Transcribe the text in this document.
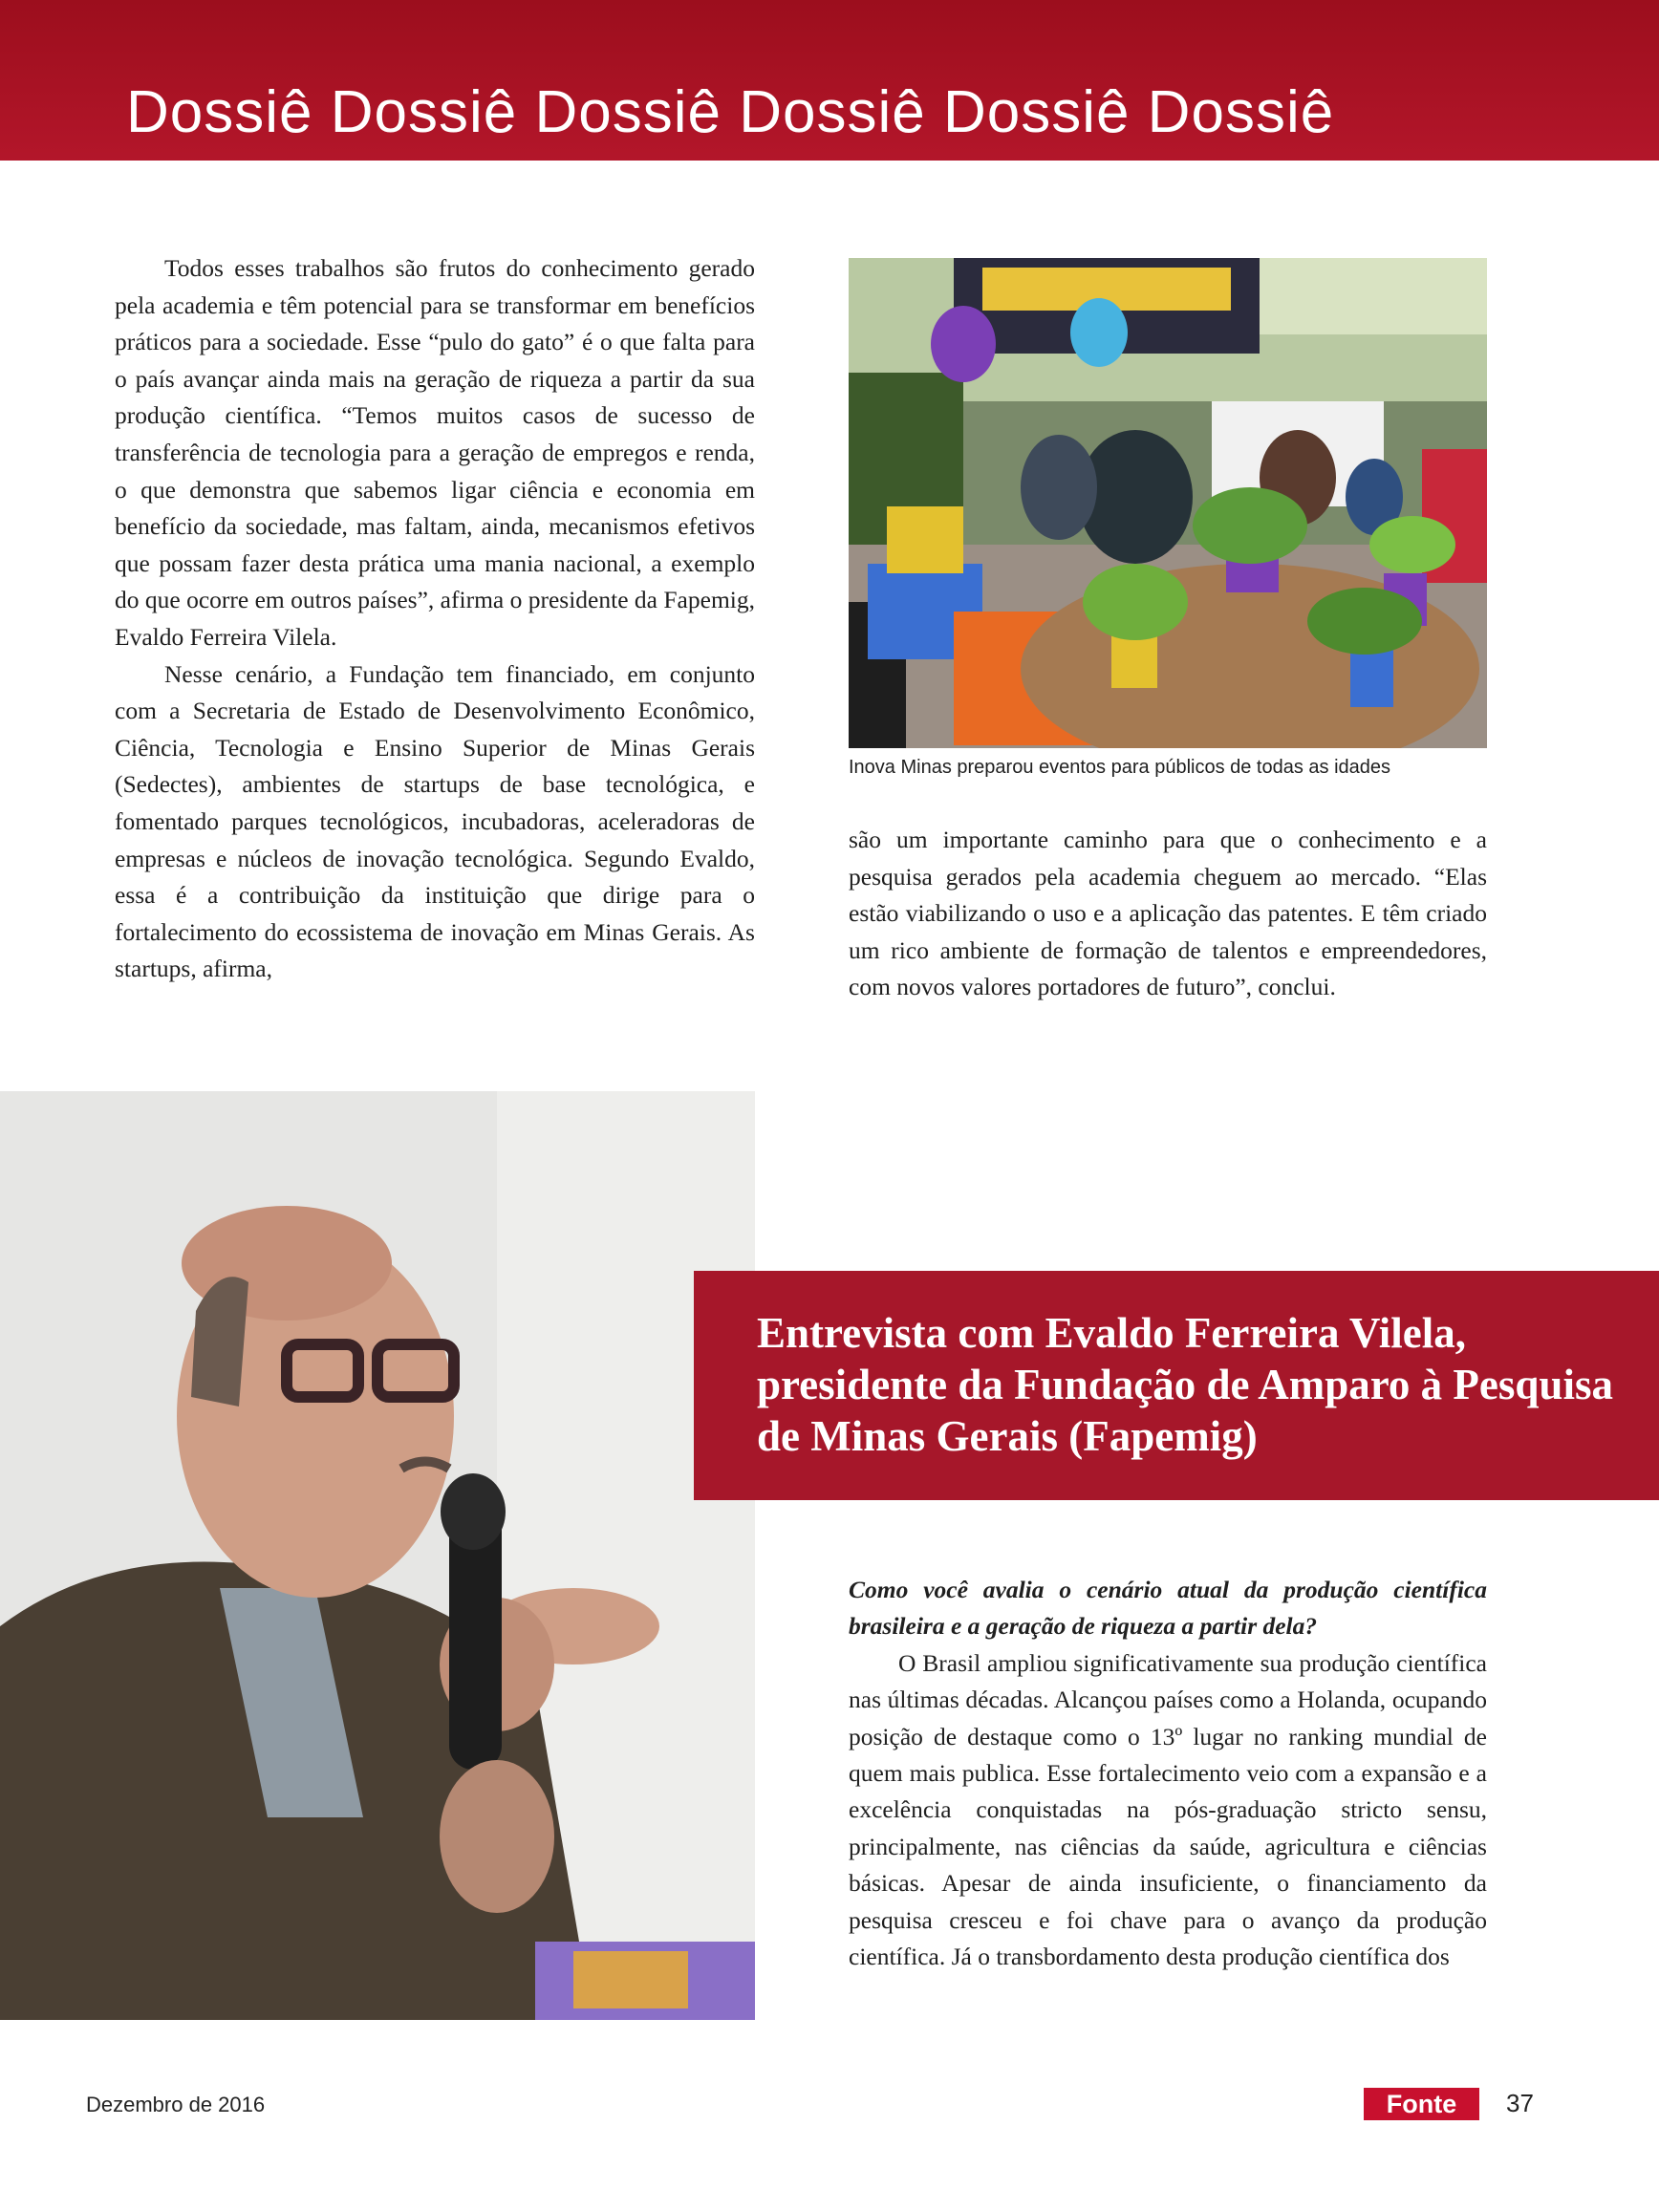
Dossiê Dossiê Dossiê Dossiê Dossiê Dossiê

Todos esses trabalhos são frutos do conhecimento gerado pela academia e têm potencial para se transformar em benefícios práticos para a sociedade. Esse “pulo do gato” é o que falta para o país avançar ainda mais na geração de riqueza a partir da sua produção científica. “Temos muitos casos de sucesso de transferência de tecnologia para a geração de empregos e renda, o que demonstra que sabemos ligar ciência e economia em benefício da sociedade, mas faltam, ainda, mecanismos efetivos que possam fazer desta prática uma mania nacional, a exemplo do que ocorre em outros países”, afirma o presidente da Fapemig, Evaldo Ferreira Vilela.

Nesse cenário, a Fundação tem financiado, em conjunto com a Secretaria de Estado de Desenvolvimento Econômico, Ciência, Tecnologia e Ensino Superior de Minas Gerais (Sedectes), ambientes de startups de base tecnológica, e fomentado parques tecnológicos, incubadoras, aceleradoras de empresas e núcleos de inovação tecnológica. Segundo Evaldo, essa é a contribuição da instituição que dirige para o fortalecimento do ecossistema de inovação em Minas Gerais. As startups, afirma,

Inova Minas preparou eventos para públicos de todas as idades

são um importante caminho para que o conhecimento e a pesquisa gerados pela academia cheguem ao mercado. “Elas estão viabilizando o uso e a aplicação das patentes. E têm criado um rico ambiente de formação de talentos e empreendedores, com novos valores portadores de futuro”, conclui.

Entrevista com Evaldo Ferreira Vilela, presidente da Fundação de Amparo à Pesquisa de Minas Gerais (Fapemig)

Como você avalia o cenário atual da produção científica brasileira e a geração de riqueza a partir dela?

O Brasil ampliou significativamente sua produção científica nas últimas décadas. Alcançou países como a Holanda, ocupando posição de destaque como o 13º lugar no ranking mundial de quem mais publica. Esse fortalecimento veio com a expansão e a excelência conquistadas na pós-graduação stricto sensu, principalmente, nas ciências da saúde, agricultura e ciências básicas. Apesar de ainda insuficiente, o financiamento da pesquisa cresceu e foi chave para o avanço da produção científica. Já o transbordamento desta produção científica dos

Dezembro de 2016	Fonte	37
